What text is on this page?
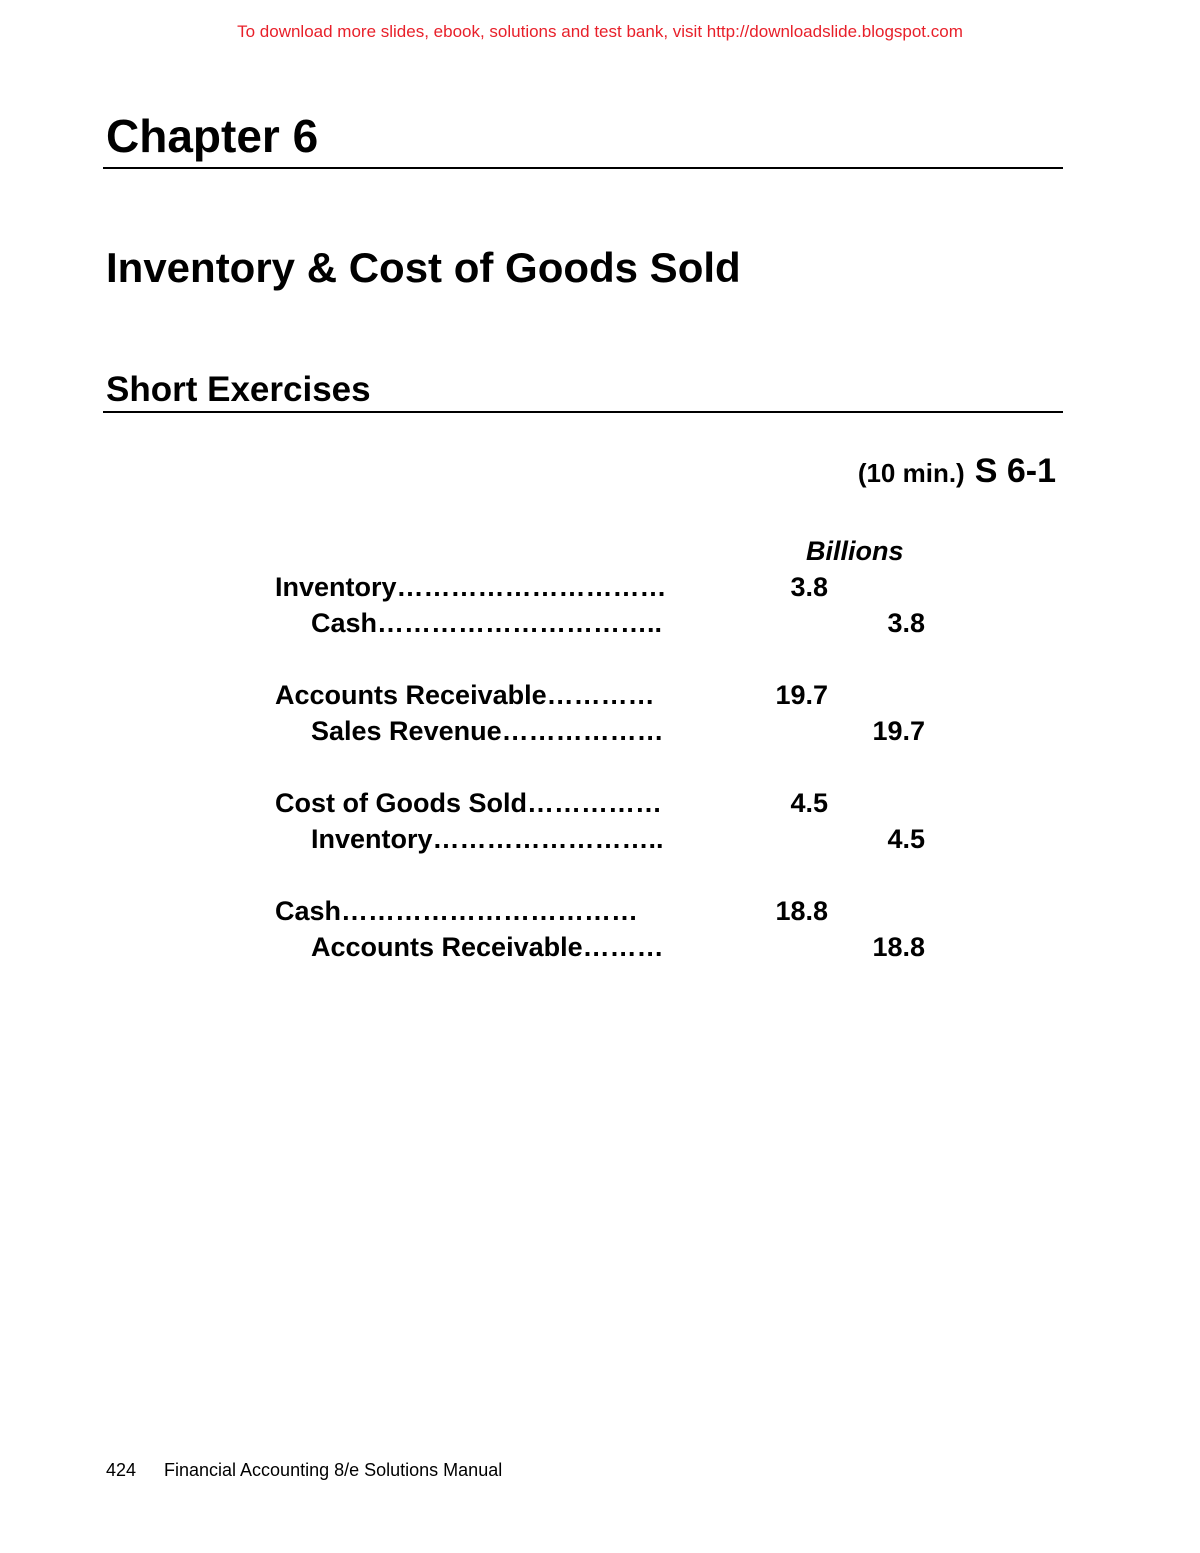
To download more slides, ebook, solutions and test bank, visit http://downloadslide.blogspot.com
Chapter 6
Inventory & Cost of Goods Sold
Short Exercises
(10 min.) S 6-1
Billions
Inventory…………………………	3.8
Cash…………………………..	3.8
Accounts Receivable…………	19.7
Sales Revenue………………	19.7
Cost of Goods Sold……………	4.5
Inventory……………………..	4.5
Cash……………………………	18.8
Accounts Receivable………	18.8
424 Financial Accounting 8/e Solutions Manual
